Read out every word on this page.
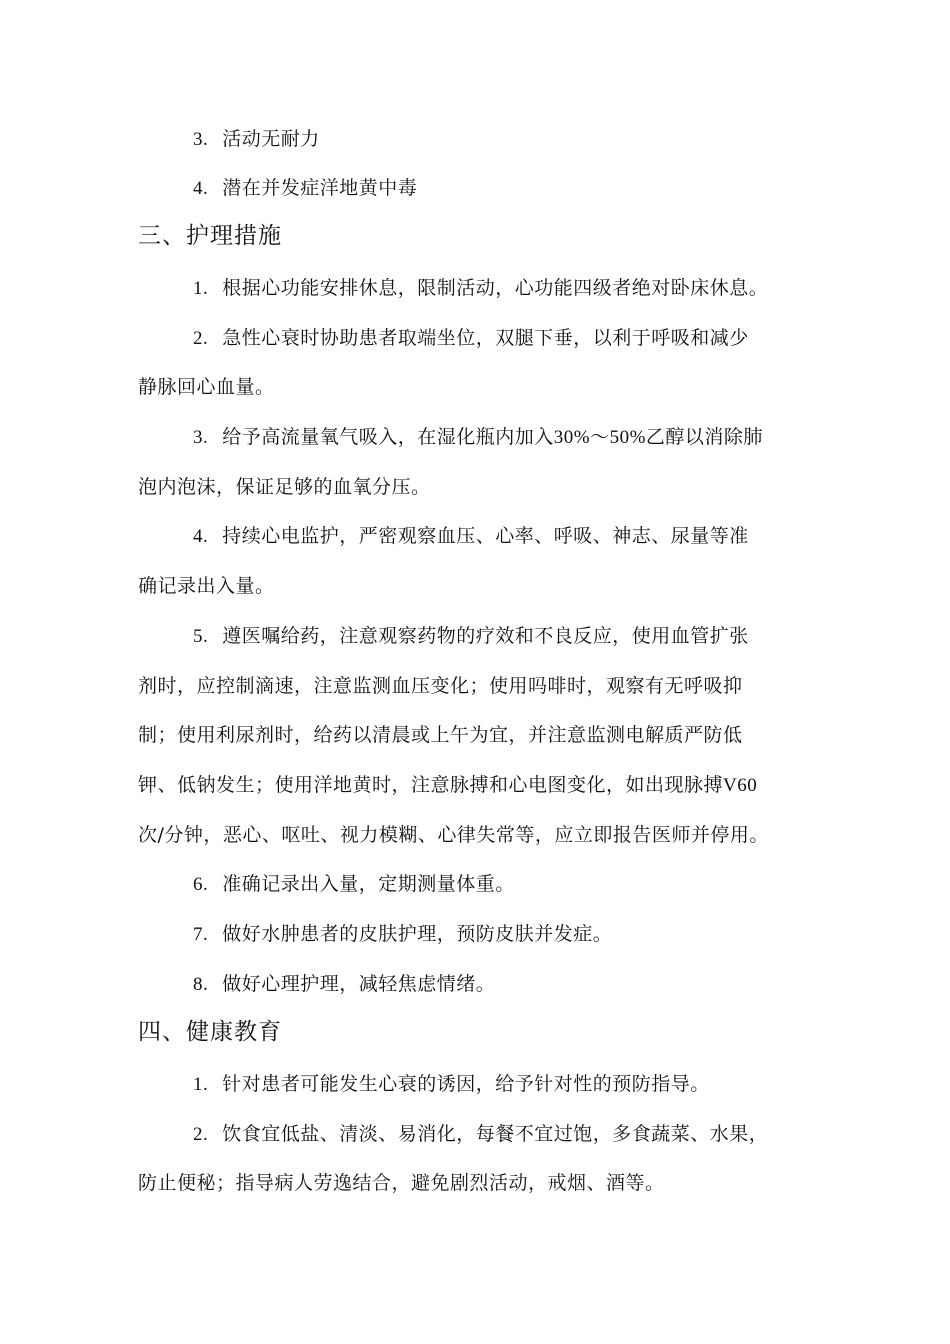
3. 活动无耐力
4. 潜在并发症洋地黄中毒
三、护理措施
1. 根据心功能安排休息，限制活动，心功能四级者绝对卧床休息。
2. 急性心衰时协助患者取端坐位，双腿下垂，以利于呼吸和减少
静脉回心血量。
3. 给予高流量氧气吸入，在湿化瓶内加入30%〜50%乙醇以消除肺
泡内泡沫，保证足够的血氧分压。
4. 持续心电监护，严密观察血压、心率、呼吸、神志、尿量等准
确记录出入量。
5. 遵医嘱给药，注意观察药物的疗效和不良反应，使用血管扩张
剂时，应控制滴速，注意监测血压变化；使用吗啡时，观察有无呼吸抑
制；使用利尿剂时，给药以清晨或上午为宜，并注意监测电解质严防低
钾、低钠发生；使用洋地黄时，注意脉搏和心电图变化，如出现脉搏V60
次/分钟，恶心、呕吐、视力模糊、心律失常等，应立即报告医师并停用。
6. 准确记录出入量，定期测量体重。
7. 做好水肿患者的皮肤护理，预防皮肤并发症。
8. 做好心理护理，减轻焦虑情绪。
四、健康教育
1. 针对患者可能发生心衰的诱因，给予针对性的预防指导。
2. 饮食宜低盐、清淡、易消化，每餐不宜过饱，多食蔬菜、水果，
防止便秘；指导病人劳逸结合，避免剧烈活动，戒烟、酒等。
